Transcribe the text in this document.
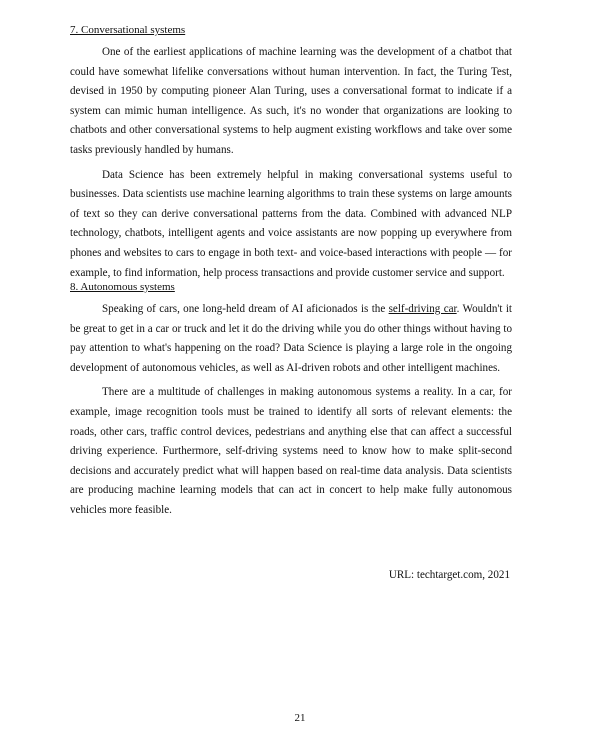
7. Conversational systems

One of the earliest applications of machine learning was the development of a chatbot that could have somewhat lifelike conversations without human intervention. In fact, the Turing Test, devised in 1950 by computing pioneer Alan Turing, uses a conversational format to indicate if a system can mimic human intelligence. As such, it's no wonder that organizations are looking to chatbots and other conversational systems to help augment existing workflows and take over some tasks previously handled by humans.

Data Science has been extremely helpful in making conversational systems useful to businesses. Data scientists use machine learning algorithms to train these systems on large amounts of text so they can derive conversational patterns from the data. Combined with advanced NLP technology, chatbots, intelligent agents and voice assistants are now popping up everywhere from phones and websites to cars to engage in both text- and voice-based interactions with people — for example, to find information, help process transactions and provide customer service and support.

8. Autonomous systems

Speaking of cars, one long-held dream of AI aficionados is the self-driving car. Wouldn't it be great to get in a car or truck and let it do the driving while you do other things without having to pay attention to what's happening on the road? Data Science is playing a large role in the ongoing development of autonomous vehicles, as well as AI-driven robots and other intelligent machines.

There are a multitude of challenges in making autonomous systems a reality. In a car, for example, image recognition tools must be trained to identify all sorts of relevant elements: the roads, other cars, traffic control devices, pedestrians and anything else that can affect a successful driving experience. Furthermore, self-driving systems need to know how to make split-second decisions and accurately predict what will happen based on real-time data analysis. Data scientists are producing machine learning models that can act in concert to help make fully autonomous vehicles more feasible.

URL: techtarget.com, 2021

21
